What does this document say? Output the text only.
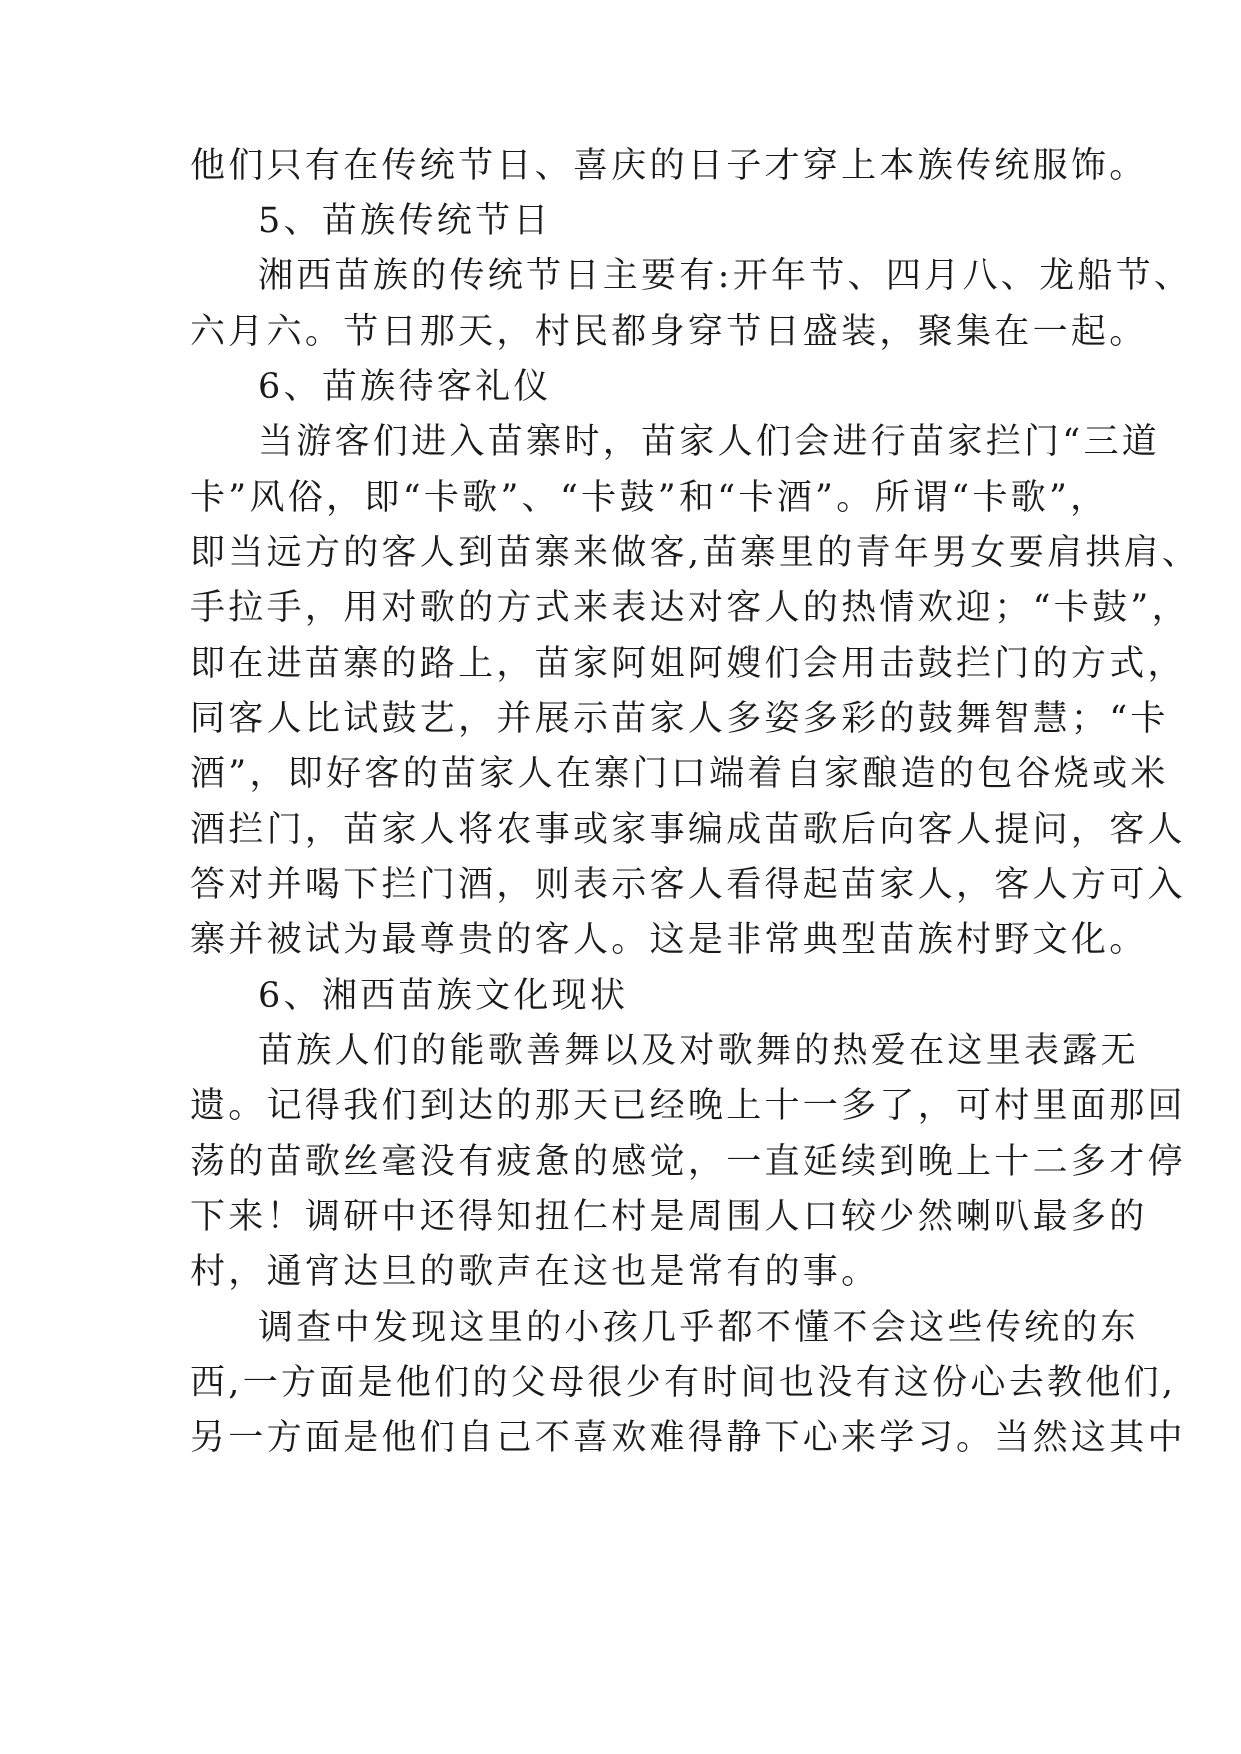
他们只有在传统节日、喜庆的日子才穿上本族传统服饰。
5、苗族传统节日
湘西苗族的传统节日主要有:开年节、四月八、龙船节、
六月六。节日那天，村民都身穿节日盛装，聚集在一起。
6、苗族待客礼仪
当游客们进入苗寨时，苗家人们会进行苗家拦门“三道
卡”风俗，即“卡歌”、“卡鼓”和“卡酒”。所谓“卡歌”，
即当远方的客人到苗寨来做客,苗寨里的青年男女要肩拱肩、
手拉手，用对歌的方式来表达对客人的热情欢迎；“卡鼓”，
即在进苗寨的路上，苗家阿姐阿嫂们会用击鼓拦门的方式，
同客人比试鼓艺，并展示苗家人多姿多彩的鼓舞智慧；“卡
酒”，即好客的苗家人在寨门口端着自家酿造的包谷烧或米
酒拦门，苗家人将农事或家事编成苗歌后向客人提问，客人
答对并喝下拦门酒，则表示客人看得起苗家人，客人方可入
寨并被试为最尊贵的客人。这是非常典型苗族村野文化。
6、湘西苗族文化现状
苗族人们的能歌善舞以及对歌舞的热爱在这里表露无
遗。记得我们到达的那天已经晚上十一多了，可村里面那回
荡的苗歌丝毫没有疲惫的感觉，一直延续到晚上十二多才停
下来！调研中还得知扭仁村是周围人口较少然喇叭最多的
村，通宵达旦的歌声在这也是常有的事。
调查中发现这里的小孩几乎都不懂不会这些传统的东
西,一方面是他们的父母很少有时间也没有这份心去教他们,
另一方面是他们自己不喜欢难得静下心来学习。当然这其中
